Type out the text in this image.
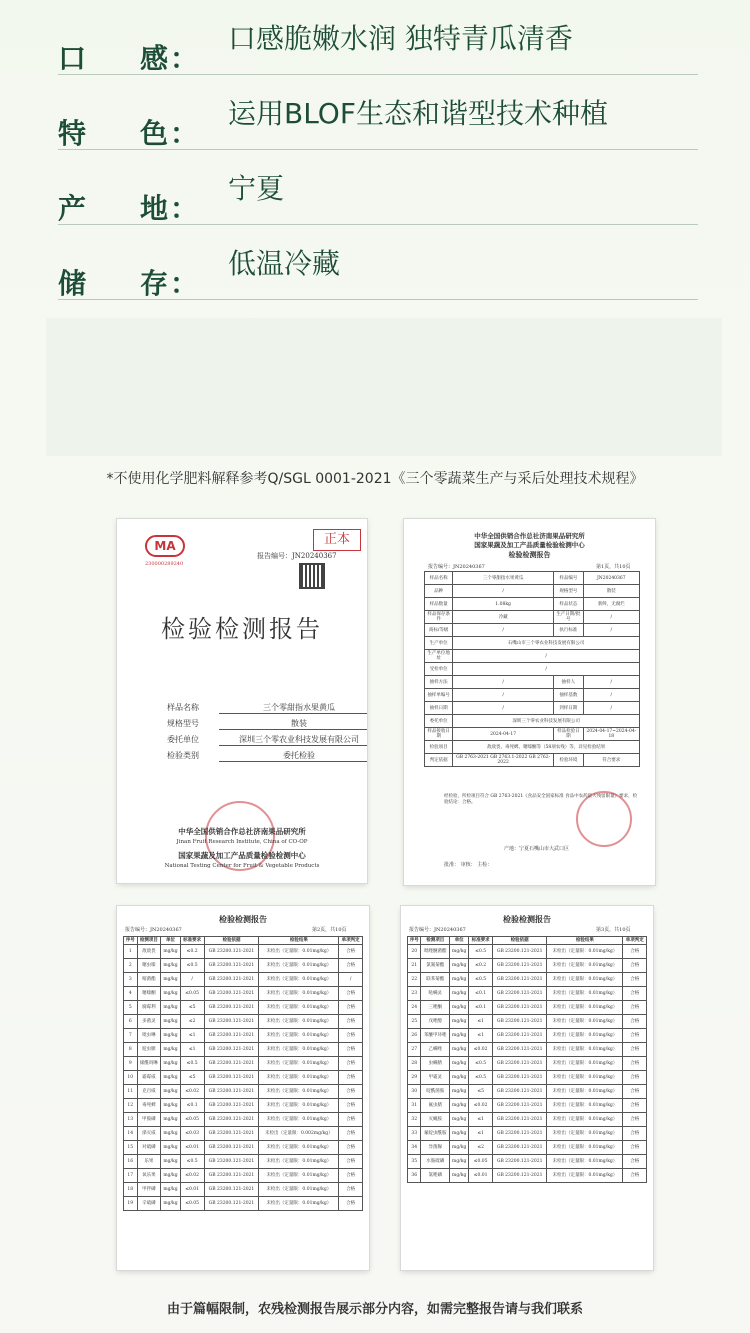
口 感：
口感脆嫩水润 独特青瓜清香
特 色：
运用BLOF生态和谐型技术种植
产 地：
宁夏
储 存：
低温冷藏
*不使用化学肥料解释参考Q/SGL 0001-2021《三个零蔬菜生产与采后处理技术规程》
MA
230000289240
正本
报告编号：JN20240367
检验检测报告
样品名称	三个零甜指水果黄瓜
规格型号	散装
委托单位	深圳三个零农业科技发展有限公司
检验类别	委托检验
中华全国供销合作总社济南果品研究所
Jinan Fruit Research Institute, China of CO-OP
国家果蔬及加工产品质量检验检测中心
National Testing Center for Fruit & Vegetable Products
中华全国供销合作总社济南果品研究所
国家果蔬及加工产品质量检验检测中心
检验检测报告
报告编号：JN20240367	第1页，共10页
样品名称	三个零甜指水果黄瓜	样品编号	JN20240367
品种	/	规格型号	散装
样品数量	1.08kg	样品状态	新鲜，无腐烂
样品保存条件	冷藏	生产日期/批号	/
商标/等级	/	执行标准	/
生产单位	石嘴山市三个零农业科技发展有限公司		
生产单位地址	/		
受检单位	/		
抽样方法	/	抽样人	/
抽样单编号	/	抽样基数	/
抽样日期	/	到样日期	/
委托单位	深圳三个零农业科技发展有限公司		
样品接收日期	2024-04-17	样品检验日期	2024-04-17~2024-04-18
检验项目	敌敌畏、毒死蜱、噻嗪酮等（58项农残）等，详见检验结果		
判定依据	GB 2763-2021 GB 2763.1-2022 GB 2762-2022	检验环境	符合要求
经检验，所检项目符合 GB 2763-2021《食品安全国家标准 食品中农药最大残留限量》要求，检验结论：合格。
产地：宁夏石嘴山市大武口区
批准： 审核： 主检：
检验检测报告
报告编号：JN20240367	第2页，共10页
序号	检测项目	单位	标准要求	检验依据	检验结果	单项判定
1	敌敌畏	mg/kg	≤0.2	GB 23200.121-2021	未检出（定量限：0.01mg/kg）	合格
2	噻虫嗪	mg/kg	≤0.5	GB 23200.121-2021	未检出（定量限：0.01mg/kg）	合格
3	嘧菌酯	mg/kg	/	GB 23200.121-2021	未检出（定量限：0.01mg/kg）	/
4	噻嗪酮	mg/kg	≤0.05	GB 23200.121-2021	未检出（定量限：0.01mg/kg）	合格
5	腐霉利	mg/kg	≤5	GB 23200.121-2021	未检出（定量限：0.01mg/kg）	合格
6	多菌灵	mg/kg	≤2	GB 23200.121-2021	未检出（定量限：0.01mg/kg）	合格
7	吡虫啉	mg/kg	≤1	GB 23200.121-2021	未检出（定量限：0.01mg/kg）	合格
8	啶虫脒	mg/kg	≤1	GB 23200.121-2021	未检出（定量限：0.01mg/kg）	合格
9	烯酰吗啉	mg/kg	≤0.5	GB 23200.121-2021	未检出（定量限：0.01mg/kg）	合格
10	霜霉威	mg/kg	≤5	GB 23200.121-2021	未检出（定量限：0.01mg/kg）	合格
11	克百威	mg/kg	≤0.02	GB 23200.121-2021	未检出（定量限：0.01mg/kg）	合格
12	毒死蜱	mg/kg	≤0.1	GB 23200.121-2021	未检出（定量限：0.01mg/kg）	合格
13	甲胺磷	mg/kg	≤0.05	GB 23200.121-2021	未检出（定量限：0.01mg/kg）	合格
14	涕灭威	mg/kg	≤0.03	GB 23200.121-2021	未检出（定量限：0.002mg/kg）	合格
15	对硫磷	mg/kg	≤0.01	GB 23200.121-2021	未检出（定量限：0.01mg/kg）	合格
16	乐果	mg/kg	≤0.5	GB 23200.121-2021	未检出（定量限：0.01mg/kg）	合格
17	氧乐果	mg/kg	≤0.02	GB 23200.121-2021	未检出（定量限：0.01mg/kg）	合格
18	甲拌磷	mg/kg	≤0.01	GB 23200.121-2021	未检出（定量限：0.01mg/kg）	合格
19	辛硫磷	mg/kg	≤0.05	GB 23200.121-2021	未检出（定量限：0.01mg/kg）	合格
检验检测报告
报告编号：JN20240367	第3页，共10页
序号	检测项目	单位	标准要求	检验依据	检验结果	单项判定
20	吡唑醚菌酯	mg/kg	≤0.5	GB 23200.121-2021	未检出（定量限：0.01mg/kg）	合格
21	氯氰菊酯	mg/kg	≤0.2	GB 23200.121-2021	未检出（定量限：0.01mg/kg）	合格
22	联苯菊酯	mg/kg	≤0.5	GB 23200.121-2021	未检出（定量限：0.01mg/kg）	合格
23	哒螨灵	mg/kg	≤0.1	GB 23200.121-2021	未检出（定量限：0.01mg/kg）	合格
24	三唑酮	mg/kg	≤0.1	GB 23200.121-2021	未检出（定量限：0.01mg/kg）	合格
25	戊唑醇	mg/kg	≤1	GB 23200.121-2021	未检出（定量限：0.01mg/kg）	合格
26	苯醚甲环唑	mg/kg	≤1	GB 23200.121-2021	未检出（定量限：0.01mg/kg）	合格
27	乙螨唑	mg/kg	≤0.02	GB 23200.121-2021	未检出（定量限：0.01mg/kg）	合格
28	虫螨腈	mg/kg	≤0.5	GB 23200.121-2021	未检出（定量限：0.01mg/kg）	合格
29	甲霜灵	mg/kg	≤0.5	GB 23200.121-2021	未检出（定量限：0.01mg/kg）	合格
30	啶酰菌胺	mg/kg	≤5	GB 23200.121-2021	未检出（定量限：0.01mg/kg）	合格
31	氟虫腈	mg/kg	≤0.02	GB 23200.121-2021	未检出（定量限：0.01mg/kg）	合格
32	灭蝇胺	mg/kg	≤1	GB 23200.121-2021	未检出（定量限：0.01mg/kg）	合格
33	氟啶虫酰胺	mg/kg	≤1	GB 23200.121-2021	未检出（定量限：0.01mg/kg）	合格
34	异菌脲	mg/kg	≤2	GB 23200.121-2021	未检出（定量限：0.01mg/kg）	合格
35	水胺硫磷	mg/kg	≤0.05	GB 23200.121-2021	未检出（定量限：0.01mg/kg）	合格
36	氯唑磷	mg/kg	≤0.01	GB 23200.121-2021	未检出（定量限：0.01mg/kg）	合格
由于篇幅限制，农残检测报告展示部分内容，如需完整报告请与我们联系
